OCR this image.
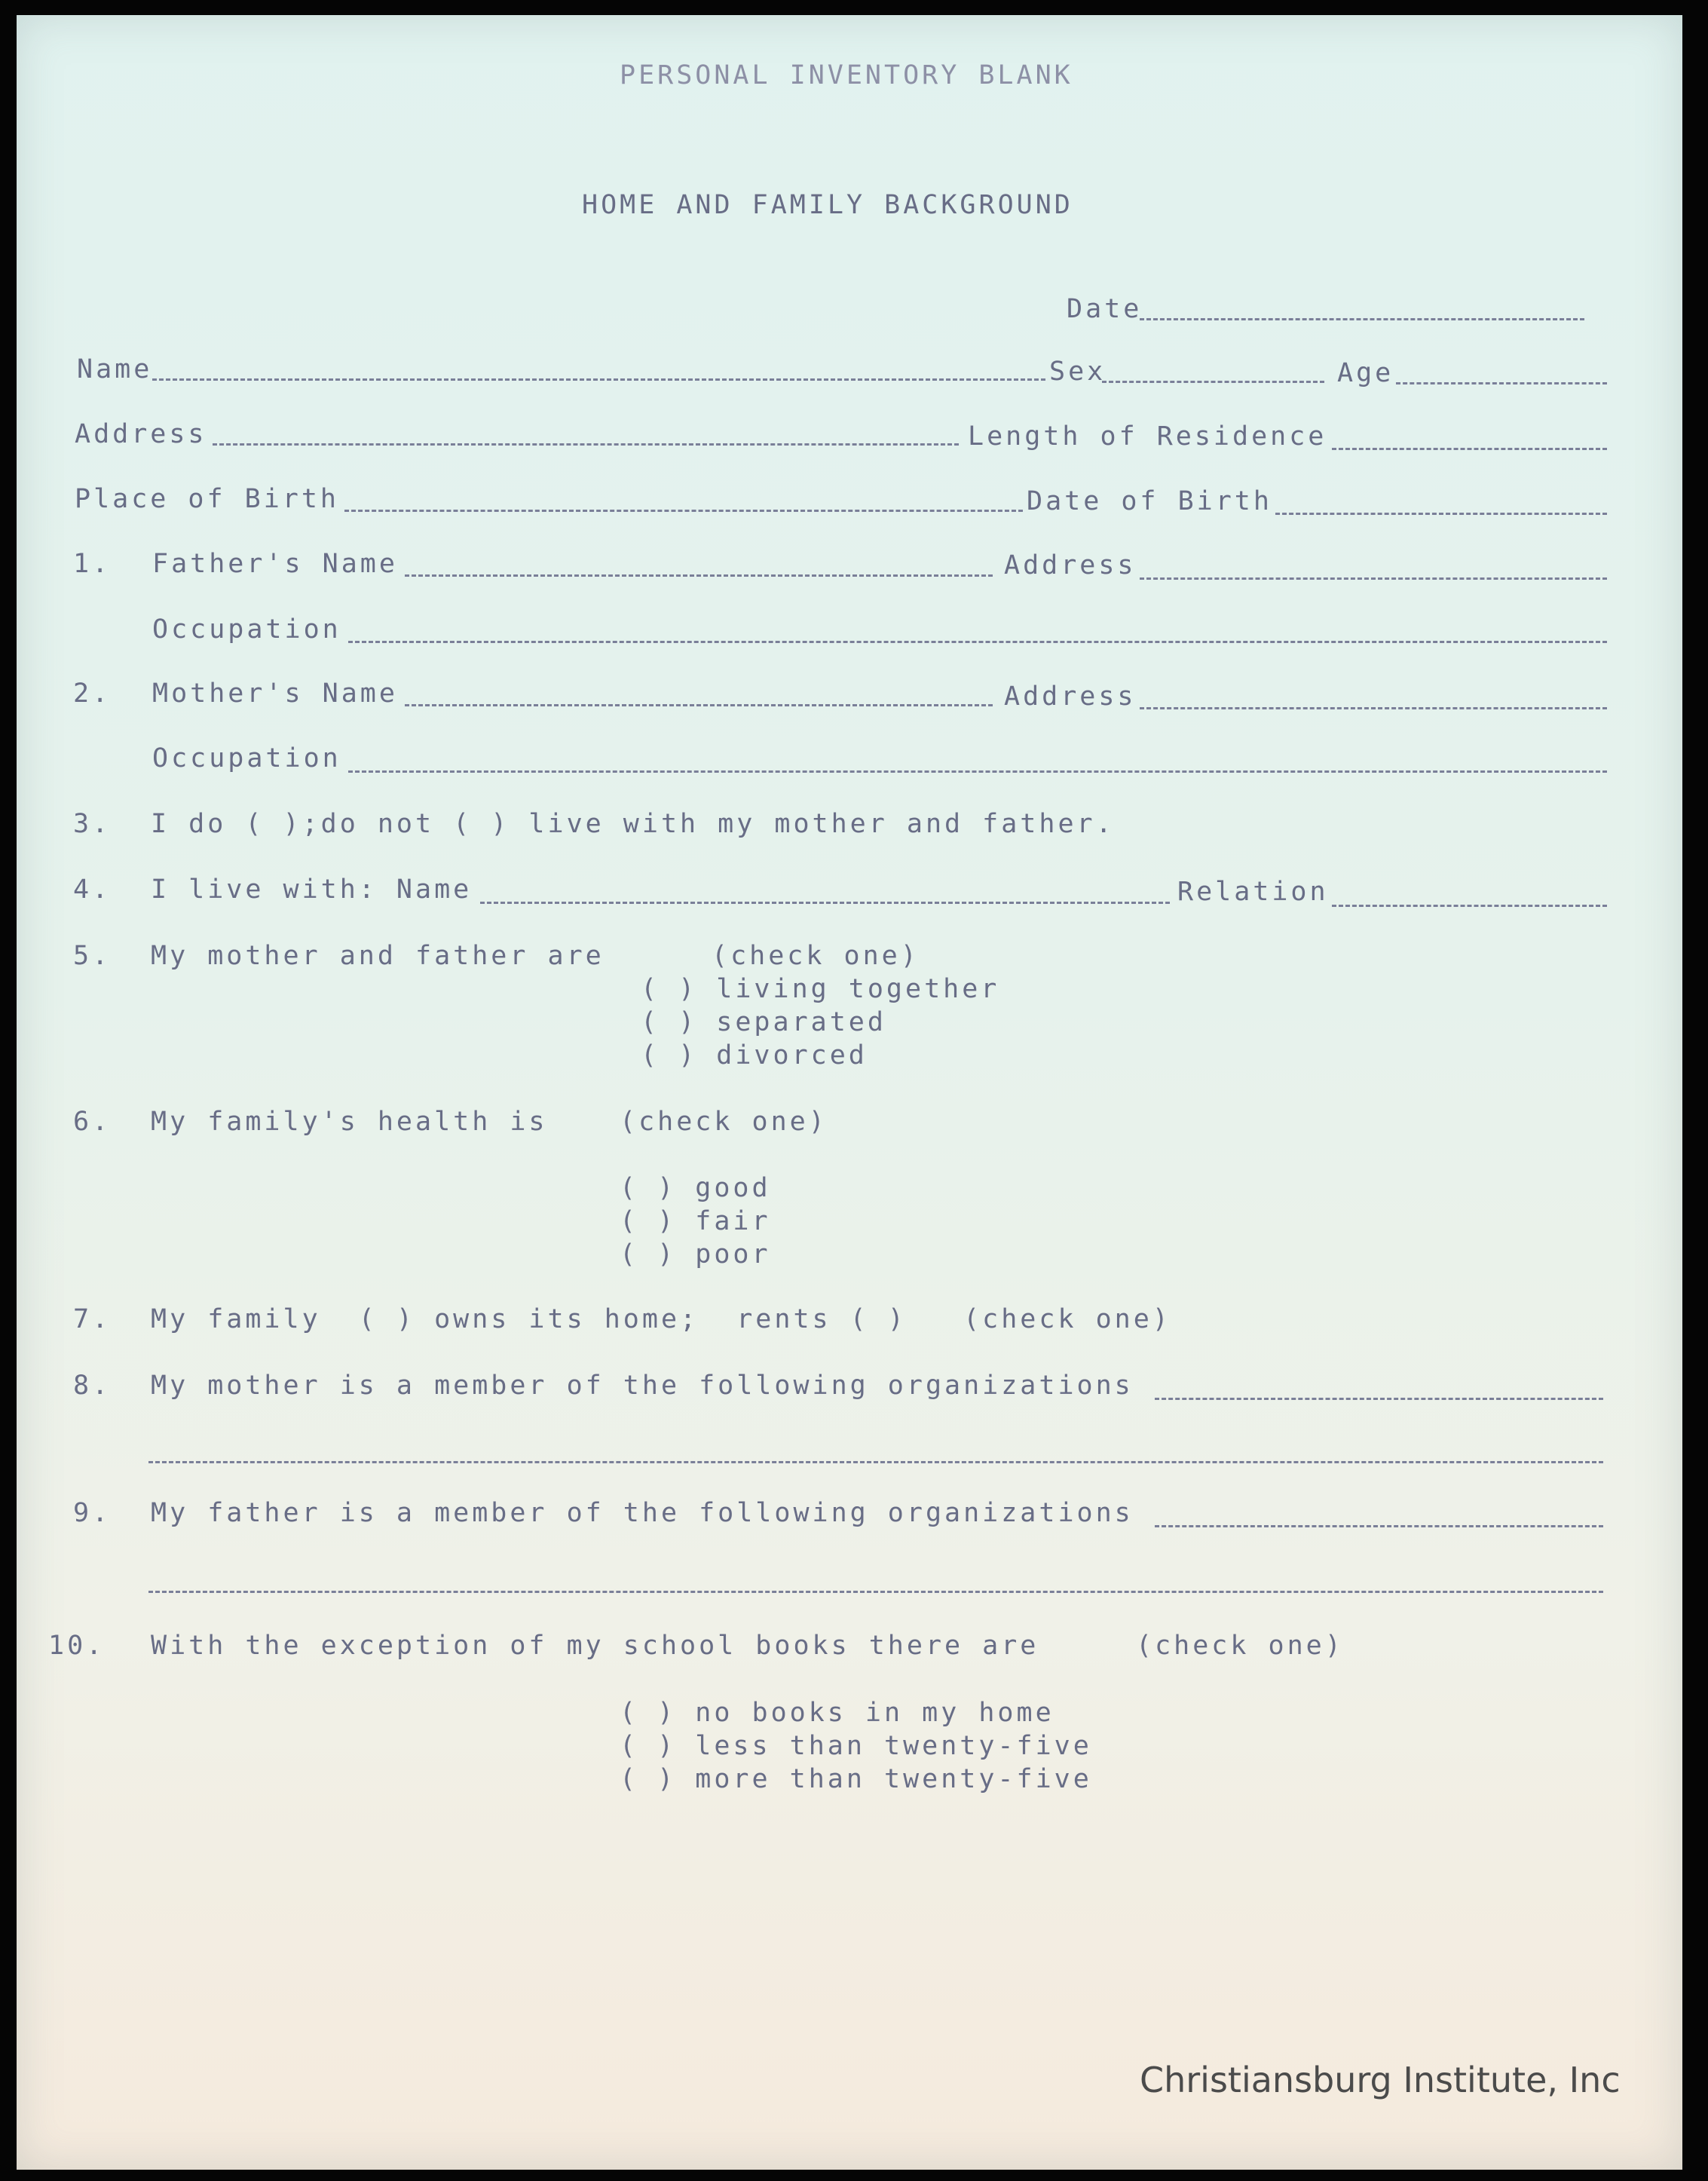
PERSONAL INVENTORY BLANK
HOME AND FAMILY BACKGROUND
Date
Name	Sex	Age
Address	Length of Residence
Place of Birth	Date of Birth
1. Father's Name	Address
Occupation
2. Mother's Name	Address
Occupation
3. I do ( );do not ( ) live with my mother and father.
4. I live with: Name	Relation
5. My mother and father are	(check one)
( ) living together
( ) separated
( ) divorced
6. My family's health is	(check one)
( ) good
( ) fair
( ) poor
7. My family  ( ) owns its home;  rents ( )   (check one)
8. My mother is a member of the following organizations
9. My father is a member of the following organizations
10. With the exception of my school books there are	(check one)
( ) no books in my home
( ) less than twenty-five
( ) more than twenty-five
Christiansburg Institute, Inc
